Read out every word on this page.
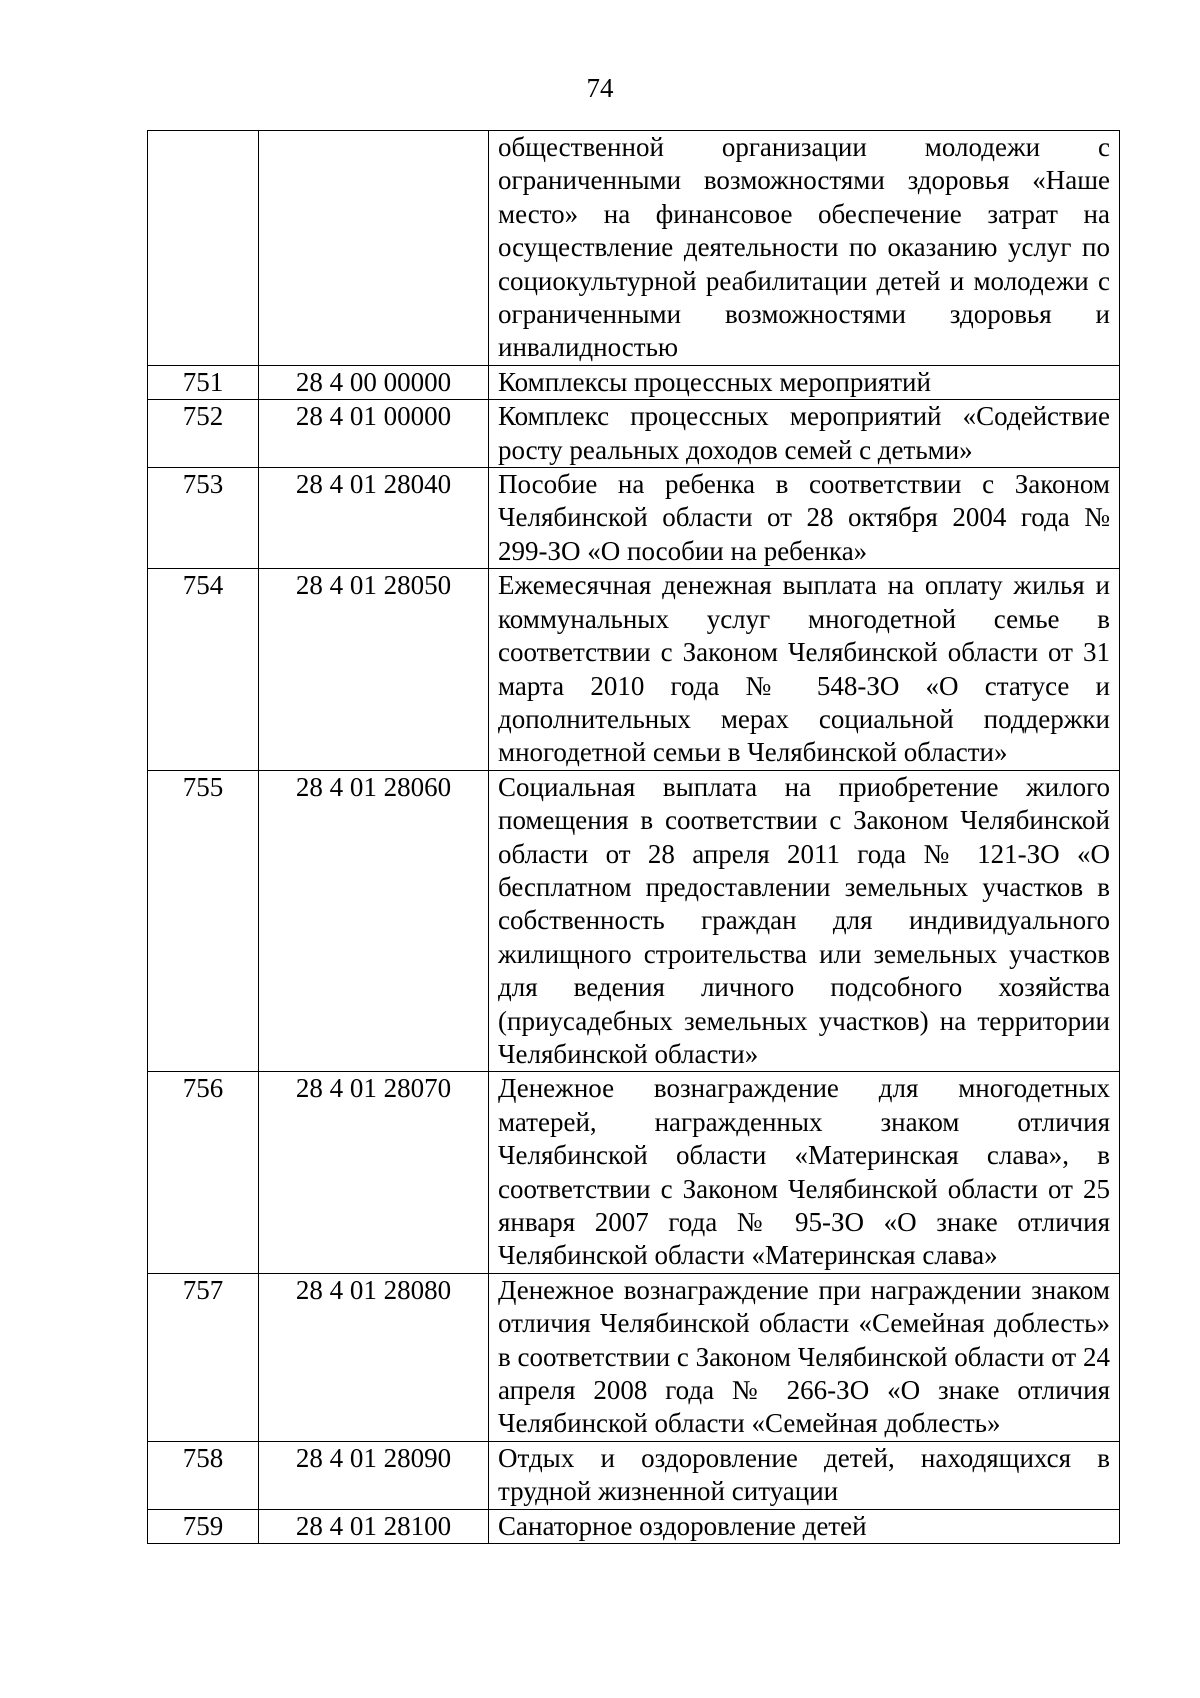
74
		общественной организации молодежи с ограниченными возможностями здоровья «Наше место» на финансовое обеспечение затрат на осуществление деятельности по оказанию услуг по социокультурной реабилитации детей и молодежи с ограниченными возможностями здоровья и инвалидностью
751	28 4 00 00000	Комплексы процессных мероприятий
752	28 4 01 00000	Комплекс процессных мероприятий «Содействие росту реальных доходов семей с детьми»
753	28 4 01 28040	Пособие на ребенка в соответствии с Законом Челябинской области от 28 октября 2004 года № 299-ЗО «О пособии на ребенка»
754	28 4 01 28050	Ежемесячная денежная выплата на оплату жилья и коммунальных услуг многодетной семье в соответствии с Законом Челябинской области от 31 марта 2010 года № 548-ЗО «О статусе и дополнительных мерах социальной поддержки многодетной семьи в Челябинской области»
755	28 4 01 28060	Социальная выплата на приобретение жилого помещения в соответствии с Законом Челябинской области от 28 апреля 2011 года № 121-ЗО «О бесплатном предоставлении земельных участков в собственность граждан для индивидуального жилищного строительства или земельных участков для ведения личного подсобного хозяйства (приусадебных земельных участков) на территории Челябинской области»
756	28 4 01 28070	Денежное вознаграждение для многодетных матерей, награжденных знаком отличия Челябинской области «Материнская слава», в соответствии с Законом Челябинской области от 25 января 2007 года № 95-ЗО «О знаке отличия Челябинской области «Материнская слава»
757	28 4 01 28080	Денежное вознаграждение при награждении знаком отличия Челябинской области «Семейная доблесть» в соответствии с Законом Челябинской области от 24 апреля 2008 года № 266-ЗО «О знаке отличия Челябинской области «Семейная доблесть»
758	28 4 01 28090	Отдых и оздоровление детей, находящихся в трудной жизненной ситуации
759	28 4 01 28100	Санаторное оздоровление детей
